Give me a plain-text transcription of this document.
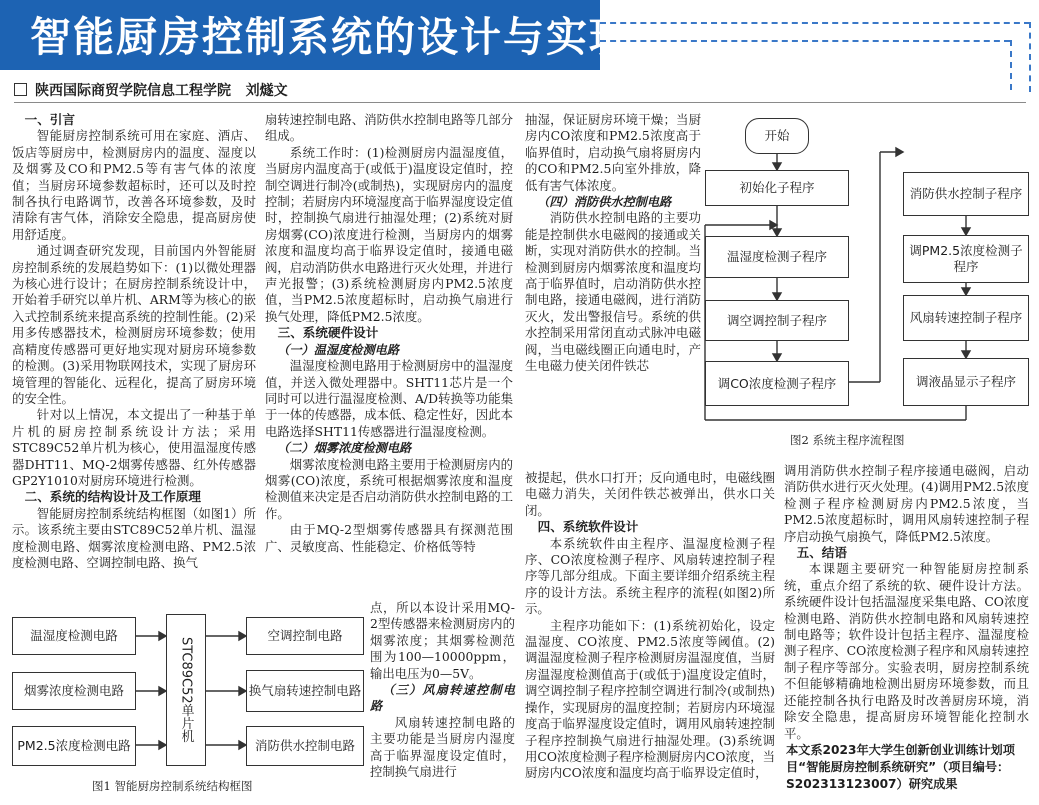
智能厨房控制系统的设计与实现
陕西国际商贸学院信息工程学院 刘燧文
一、引言

智能厨房控制系统可用在家庭、酒店、饭店等厨房中，检测厨房内的温度、湿度以及烟雾及CO和PM2.5等有害气体的浓度值；当厨房环境参数超标时，还可以及时控制各执行电路调节，改善各环境参数，及时清除有害气体，消除安全隐患，提高厨房使用舒适度。

通过调查研究发现，目前国内外智能厨房控制系统的发展趋势如下：(1)以微处理器为核心进行设计；在厨房控制系统设计中，开始着手研究以单片机、ARM等为核心的嵌入式控制系统来提高系统的控制性能。(2)采用多传感器技术，检测厨房环境参数；使用高精度传感器可更好地实现对厨房环境参数的检测。(3)采用物联网技术，实现了厨房环境管理的智能化、远程化，提高了厨房环境的安全性。

针对以上情况，本文提出了一种基于单片机的厨房控制系统设计方法；采用STC89C52单片机为核心，使用温湿度传感器DHT11、MQ-2烟雾传感器、红外传感器GP2Y1010对厨房环境进行检测。

二、系统的结构设计及工作原理

智能厨房控制系统结构框图（如图1）所示。该系统主要由STC89C52单片机、温湿度检测电路、烟雾浓度检测电路、PM2.5浓度检测电路、空调控制电路、换气

扇转速控制电路、消防供水控制电路等几部分组成。

系统工作时：(1)检测厨房内温湿度值，当厨房内温度高于(或低于)温度设定值时，控制空调进行制冷(或制热)，实现厨房内的温度控制；若厨房内环境湿度高于临界湿度设定值时，控制换气扇进行抽湿处理；(2)系统对厨房烟雾(CO)浓度进行检测，当厨房内的烟雾浓度和温度均高于临界设定值时，接通电磁阀，启动消防供水电路进行灭火处理，并进行声光报警；(3)系统检测厨房内PM2.5浓度值，当PM2.5浓度超标时，启动换气扇进行换气处理，降低PM2.5浓度。

三、系统硬件设计
（一）温湿度检测电路

温湿度检测电路用于检测厨房中的温湿度值，并送入微处理器中。SHT11芯片是一个同时可以进行温湿度检测、A/D转换等功能集于一体的传感器，成本低、稳定性好，因此本电路选择SHT11传感器进行温湿度检测。

（二）烟雾浓度检测电路

烟雾浓度检测电路主要用于检测厨房内的烟雾(CO)浓度，系统可根据烟雾浓度和温度检测值来决定是否启动消防供水控制电路的工作。

由于MQ-2型烟雾传感器具有探测范围广、灵敏度高、性能稳定、价格低等特

点，所以本设计采用MQ-2型传感器来检测厨房内的烟雾浓度；其烟雾检测范围为100—10000ppm，输出电压为0—5V。

（三）风扇转速控制电路

风扇转速控制电路的主要功能是当厨房内湿度高于临界湿度设定值时，控制换气扇进行

抽湿，保证厨房环境干燥；当厨房内CO浓度和PM2.5浓度高于临界值时，启动换气扇将厨房内的CO和PM2.5向室外排放，降低有害气体浓度。

（四）消防供水控制电路

消防供水控制电路的主要功能是控制供水电磁阀的接通或关断，实现对消防供水的控制。当检测到厨房内烟雾浓度和温度均高于临界值时，启动消防供水控制电路，接通电磁阀，进行消防灭火，发出警报信号。系统的供水控制采用常闭直动式脉冲电磁阀，当电磁线圈正向通电时，产生电磁力使关闭件铁芯

被提起，供水口打开；反向通电时，电磁线圈电磁力消失，关闭件铁芯被弹出，供水口关闭。

四、系统软件设计

本系统软件由主程序、温湿度检测子程序、CO浓度检测子程序、风扇转速控制子程序等几部分组成。下面主要详细介绍系统主程序的设计方法。系统主程序的流程(如图2)所示。

主程序功能如下：(1)系统初始化，设定温湿度、CO浓度、PM2.5浓度等阈值。(2)调温湿度检测子程序检测厨房温湿度值，当厨房温湿度检测值高于(或低于)温度设定值时，调空调控制子程序控制空调进行制冷(或制热)操作，实现厨房的温度控制；若厨房内环境湿度高于临界湿度设定值时，调用风扇转速控制子程序控制换气扇进行抽湿处理。(3)系统调用CO浓度检测子程序检测厨房内CO浓度，当厨房内CO浓度和温度均高于临界设定值时，

调用消防供水控制子程序接通电磁阀，启动消防供水进行灭火处理。(4)调用PM2.5浓度检测子程序检测厨房内PM2.5浓度，当PM2.5浓度超标时，调用风扇转速控制子程序启动换气扇换气，降低PM2.5浓度。

五、结语

本课题主要研究一种智能厨房控制系统，重点介绍了系统的软、硬件设计方法。系统硬件设计包括温湿度采集电路、CO浓度检测电路、消防供水控制电路和风扇转速控制电路等；软件设计包括主程序、温湿度检测子程序、CO浓度检测子程序和风扇转速控制子程序等部分。实验表明，厨房控制系统不但能够精确地检测出厨房环境参数，而且还能控制各执行电路及时改善厨房环境，消除安全隐患，提高厨房环境智能化控制水平。

本文系2023年大学生创新创业训练计划项目“智能厨房控制系统研究”（项目编号：S202313123007）研究成果
温湿度检测电路
烟雾浓度检测电路
PM2.5浓度检测电路
STC89C52单片机
空调控制电路
换气扇转速控制电路
消防供水控制电路
图1 智能厨房控制系统结构框图
开始
初始化子程序
温湿度检测子程序
调空调控制子程序
调CO浓度检测子程序
消防供水控制子程序
调PM2.5浓度检测子程序
风扇转速控制子程序
调液晶显示子程序
图2 系统主程序流程图
